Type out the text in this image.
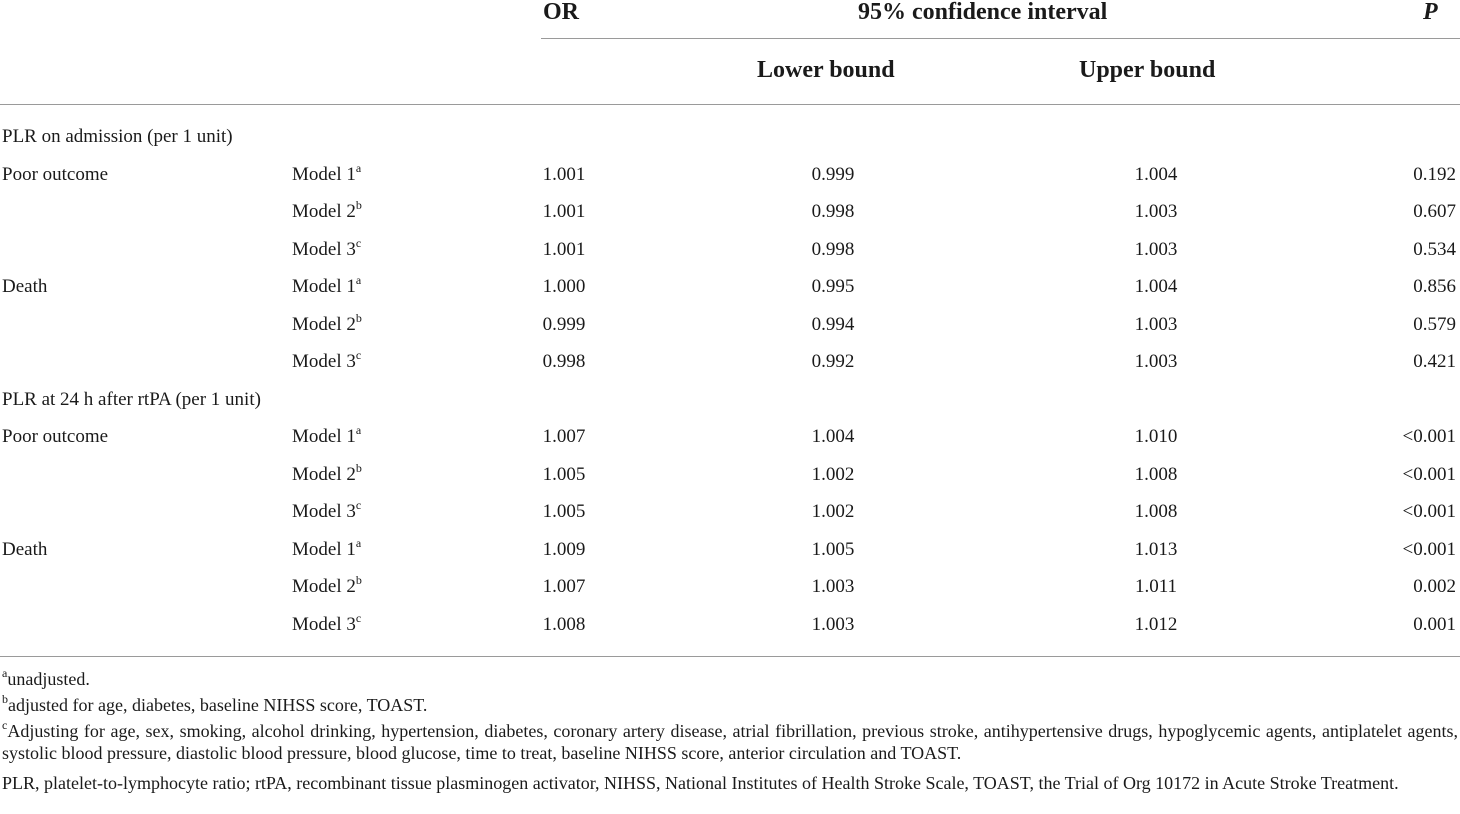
OR	95% confidence interval	P
Lower bound	Upper bound
PLR on admission (per 1 unit)
Poor outcome	Model 1$^a$	1.001	0.999	1.004	0.192
Model 2$^b$	1.001	0.998	1.003	0.607
Model 3$^c$	1.001	0.998	1.003	0.534
Death	Model 1$^a$	1.000	0.995	1.004	0.856
Model 2$^b$	0.999	0.994	1.003	0.579
Model 3$^c$	0.998	0.992	1.003	0.421
PLR at 24 h after rtPA (per 1 unit)
Poor outcome	Model 1$^a$	1.007	1.004	1.010	<0.001
Model 2$^b$	1.005	1.002	1.008	<0.001
Model 3$^c$	1.005	1.002	1.008	<0.001
Death	Model 1$^a$	1.009	1.005	1.013	<0.001
Model 2$^b$	1.007	1.003	1.011	0.002
Model 3$^c$	1.008	1.003	1.012	0.001
$^a$unadjusted.
$^b$adjusted for age, diabetes, baseline NIHSS score, TOAST.
$^c$Adjusting for age, sex, smoking, alcohol drinking, hypertension, diabetes, coronary artery disease, atrial fibrillation, previous stroke, antihypertensive drugs, hypoglycemic agents, antiplatelet agents, systolic blood pressure, diastolic blood pressure, blood glucose, time to treat, baseline NIHSS score, anterior circulation and TOAST.
PLR, platelet-to-lymphocyte ratio; rtPA, recombinant tissue plasminogen activator, NIHSS, National Institutes of Health Stroke Scale, TOAST, the Trial of Org 10172 in Acute Stroke Treatment.
